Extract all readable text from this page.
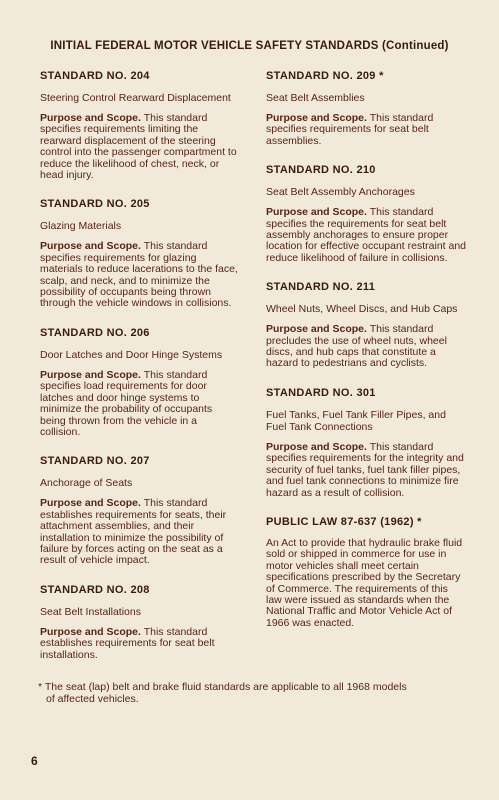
INITIAL FEDERAL MOTOR VEHICLE SAFETY STANDARDS (Continued)
STANDARD NO. 204
Steering Control Rearward Displacement

Purpose and Scope. This standard specifies requirements limiting the rearward displacement of the steering control into the passenger compartment to reduce the likelihood of chest, neck, or head injury.

STANDARD NO. 205
Glazing Materials

Purpose and Scope. This standard specifies requirements for glazing materials to reduce lacerations to the face, scalp, and neck, and to minimize the possibility of occupants being thrown through the vehicle windows in collisions.

STANDARD NO. 206
Door Latches and Door Hinge Systems

Purpose and Scope. This standard specifies load requirements for door latches and door hinge systems to minimize the probability of occupants being thrown from the vehicle in a collision.

STANDARD NO. 207
Anchorage of Seats

Purpose and Scope. This standard establishes requirements for seats, their attachment assemblies, and their installation to minimize the possibility of failure by forces acting on the seat as a result of vehicle impact.

STANDARD NO. 208
Seat Belt Installations

Purpose and Scope. This standard establishes requirements for seat belt installations.

STANDARD NO. 209 *
Seat Belt Assemblies

Purpose and Scope. This standard specifies requirements for seat belt assemblies.

STANDARD NO. 210
Seat Belt Assembly Anchorages

Purpose and Scope. This standard specifies the requirements for seat belt assembly anchorages to ensure proper location for effective occupant restraint and reduce likelihood of failure in collisions.

STANDARD NO. 211
Wheel Nuts, Wheel Discs, and Hub Caps

Purpose and Scope. This standard precludes the use of wheel nuts, wheel discs, and hub caps that constitute a hazard to pedestrians and cyclists.

STANDARD NO. 301
Fuel Tanks, Fuel Tank Filler Pipes, and Fuel Tank Connections

Purpose and Scope. This standard specifies requirements for the integrity and security of fuel tanks, fuel tank filler pipes, and fuel tank connections to minimize fire hazard as a result of collision.

PUBLIC LAW 87-637 (1962) *

An Act to provide that hydraulic brake fluid sold or shipped in commerce for use in motor vehicles shall meet certain specifications prescribed by the Secretary of Commerce. The requirements of this law were issued as standards when the National Traffic and Motor Vehicle Act of 1966 was enacted.

* The seat (lap) belt and brake fluid standards are applicable to all 1968 models
of affected vehicles.
6
